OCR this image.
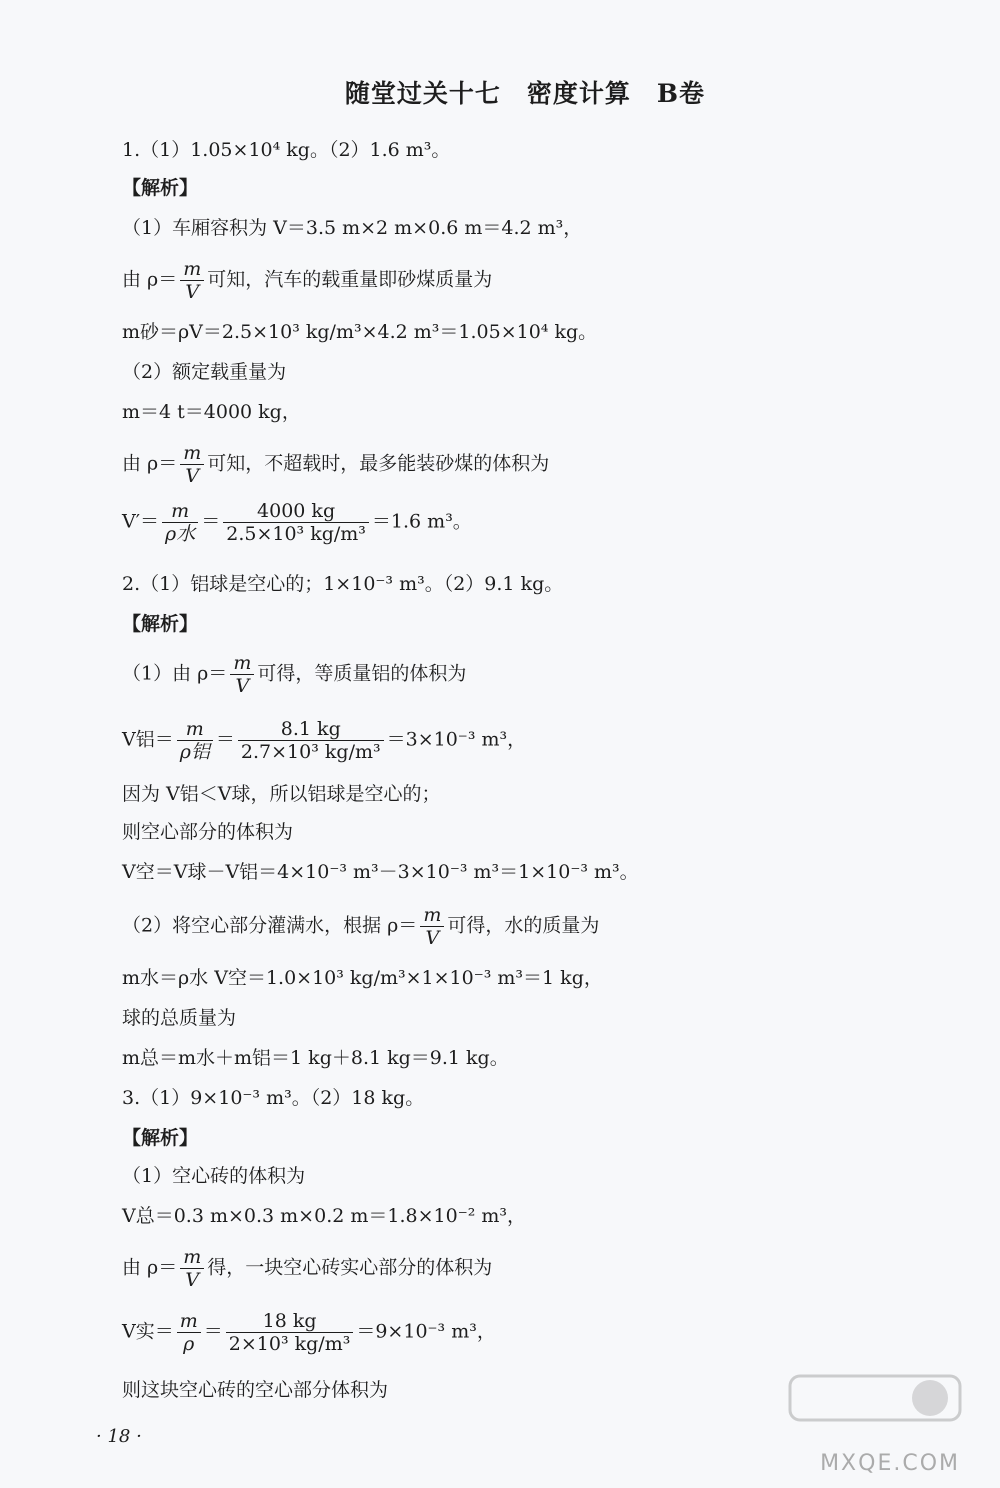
随堂过关十七　密度计算　B卷
1.（1）1.05×10⁴ kg。（2）1.6 m³。
【解析】
（1）车厢容积为 V＝3.5 m×2 m×0.6 m＝4.2 m³，
由 $\rho= \frac{m}{V}$ 可知，汽车的载重量即砂煤质量为
m砂＝ρV＝2.5×10³ kg/m³×4.2 m³＝1.05×10⁴ kg。
（2）额定载重量为
m＝4 t＝4000 kg，
由 $\rho= \frac{m}{V}$ 可知，不超载时，最多能装砂煤的体积为
$V'= \frac{m}{\text{ρ水}} = \frac{4000 kg}{\text{2.5×10³ kg/m³}} =1.6$ m³。
2.（1）铝球是空心的；1×10⁻³ m³。（2）9.1 kg。
【解析】
（1）由 $\rho= \frac{m}{V}$ 可得，等质量铝的体积为
V铝＝ $\frac{m}{\text{ρ铝}} = \frac{8.1 kg}{\text{2.7×10³ kg/m³}} =3\times 10^{-3}$ m³，
因为 V铝＜V球，所以铝球是空心的；
则空心部分的体积为
V空＝V球－V铝＝4×10⁻³ m³－3×10⁻³ m³＝1×10⁻³ m³。
（2）将空心部分灌满水，根据 $\rho= \frac{m}{V}$ 可得，水的质量为
m水＝ρ水 V空＝1.0×10³ kg/m³×1×10⁻³ m³＝1 kg，
球的总质量为
m总＝m水＋m铝＝1 kg＋8.1 kg＝9.1 kg。
3.（1）9×10⁻³ m³。（2）18 kg。
【解析】
（1）空心砖的体积为
V总＝0.3 m×0.3 m×0.2 m＝1.8×10⁻² m³，
由 $\rho= \frac{m}{V}$ 得，一块空心砖实心部分的体积为
V实＝ $\frac{m}{\rho} = \frac{18 kg}{\text{2×10³ kg/m³}} =9\times 10^{-3}$ m³，
则这块空心砖的空心部分体积为
· 18 ·
MXQE.COM
